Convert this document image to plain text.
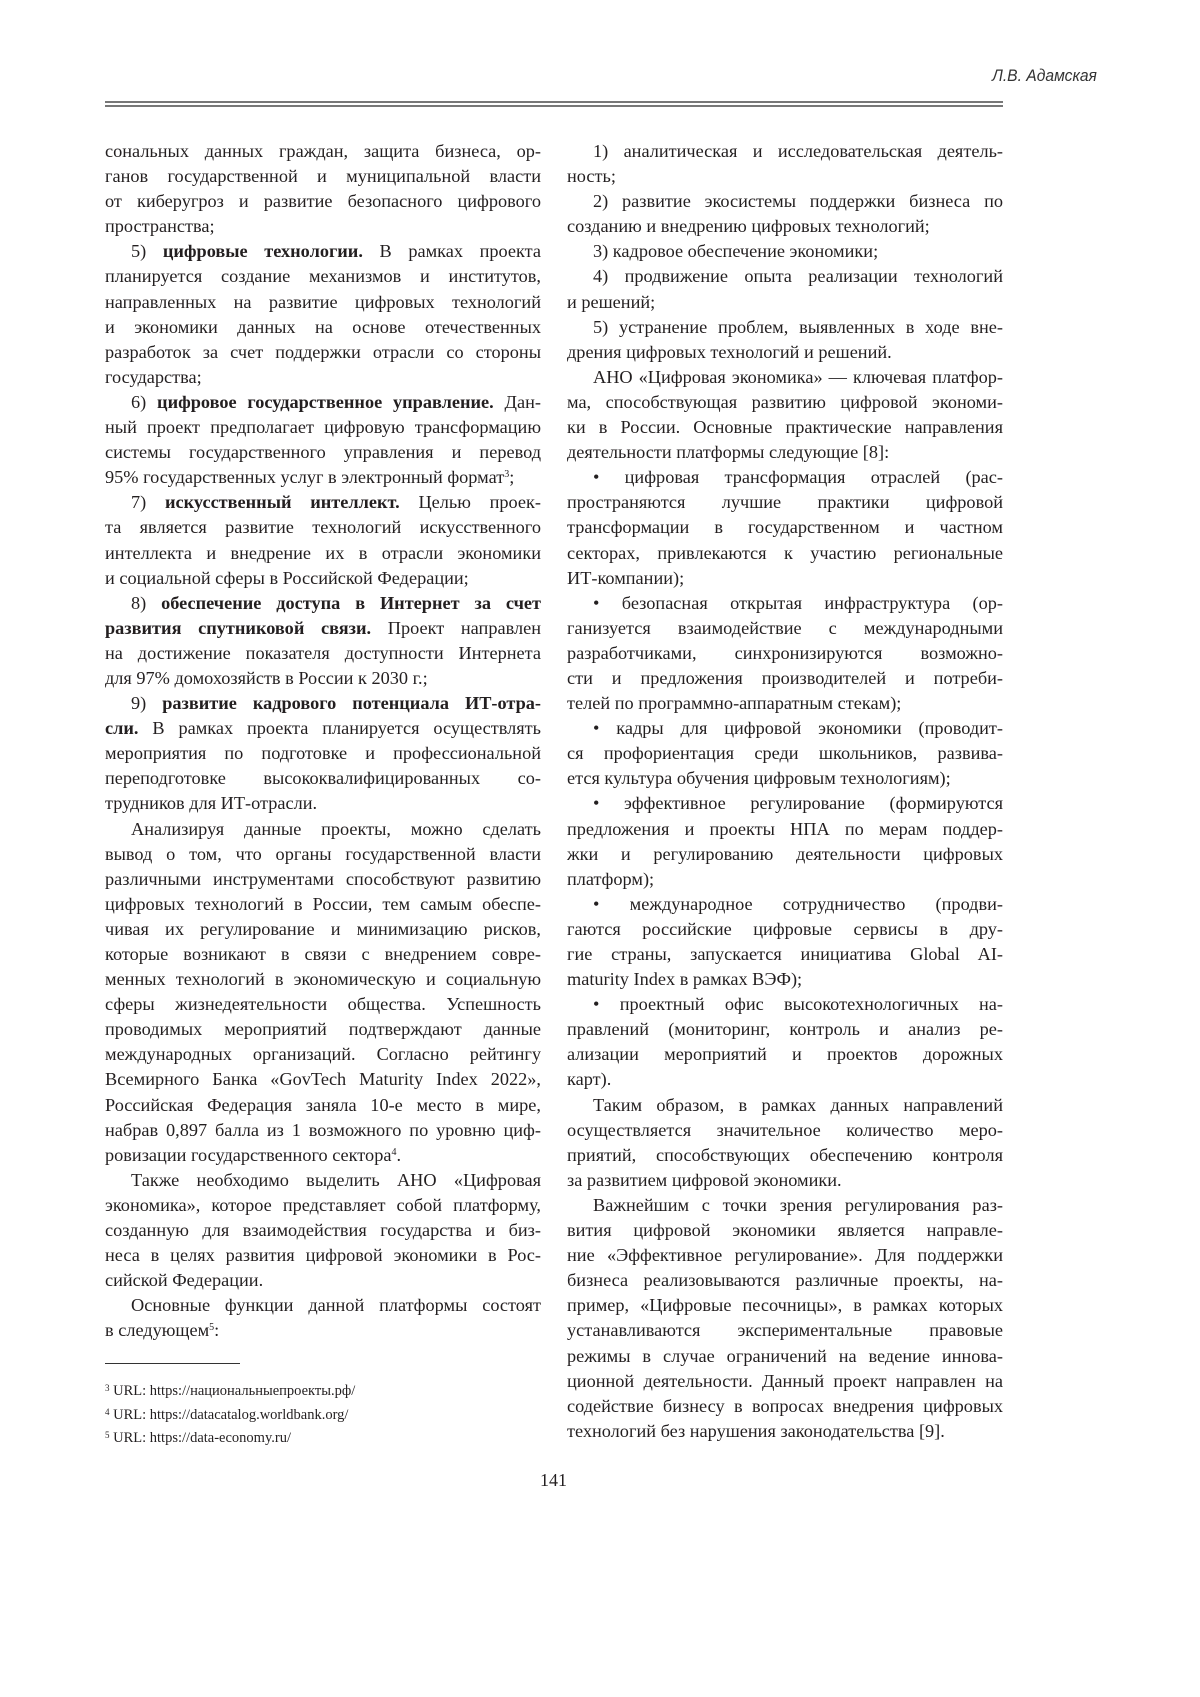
Л.В. Адамская
сональных данных граждан, защита бизнеса, ор-
ганов государственной и муниципальной власти
от киберугроз и развитие безопасного цифрового
пространства;
5) цифровые технологии. В рамках проекта
планируется создание механизмов и институтов,
направленных на развитие цифровых технологий
и экономики данных на основе отечественных
разработок за счет поддержки отрасли со стороны
государства;
6) цифровое государственное управление. Дан-
ный проект предполагает цифровую трансформацию
системы государственного управления и перевод
95% государственных услуг в электронный формат3;
7) искусственный интеллект. Целью проек-
та является развитие технологий искусственного
интеллекта и внедрение их в отрасли экономики
и социальной сферы в Российской Федерации;
8) обеспечение доступа в Интернет за счет
развития спутниковой связи. Проект направлен
на достижение показателя доступности Интернета
для 97% домохозяйств в России к 2030 г.;
9) развитие кадрового потенциала ИТ-отра-
сли. В рамках проекта планируется осуществлять
мероприятия по подготовке и профессиональной
переподготовке высококвалифицированных со-
трудников для ИТ-отрасли.
Анализируя данные проекты, можно сделать
вывод о том, что органы государственной власти
различными инструментами способствуют развитию
цифровых технологий в России, тем самым обеспе-
чивая их регулирование и минимизацию рисков,
которые возникают в связи с внедрением совре-
менных технологий в экономическую и социальную
сферы жизнедеятельности общества. Успешность
проводимых мероприятий подтверждают данные
международных организаций. Согласно рейтингу
Всемирного Банка «GovTech Maturity Index 2022»,
Российская Федерация заняла 10-е место в мире,
набрав 0,897 балла из 1 возможного по уровню циф-
ровизации государственного сектора4.
Также необходимо выделить АНО «Цифровая
экономика», которое представляет собой платформу,
созданную для взаимодействия государства и биз-
неса в целях развития цифровой экономики в Рос-
сийской Федерации.
Основные функции данной платформы состоят
в следующем5:
1) аналитическая и исследовательская деятель-
ность;
2) развитие экосистемы поддержки бизнеса по
созданию и внедрению цифровых технологий;
3) кадровое обеспечение экономики;
4) продвижение опыта реализации технологий
и решений;
5) устранение проблем, выявленных в ходе вне-
дрения цифровых технологий и решений.
АНО «Цифровая экономика» — ключевая платфор-
ма, способствующая развитию цифровой экономи-
ки в России. Основные практические направления
деятельности платформы следующие [8]:
• цифровая трансформация отраслей (рас-
пространяются лучшие практики цифровой
трансформации в государственном и частном
секторах, привлекаются к участию региональные
ИТ-компании);
• безопасная открытая инфраструктура (ор-
ганизуется взаимодействие с международными
разработчиками, синхронизируются возможно-
сти и предложения производителей и потреби-
телей по программно-аппаратным стекам);
• кадры для цифровой экономики (проводит-
ся профориентация среди школьников, развива-
ется культура обучения цифровым технологиям);
• эффективное регулирование (формируются
предложения и проекты НПА по мерам поддер-
жки и регулированию деятельности цифровых
платформ);
• международное сотрудничество (продви-
гаются российские цифровые сервисы в дру-
гие страны, запускается инициатива Global AI-
maturity Index в рамках ВЭФ);
• проектный офис высокотехнологичных на-
правлений (мониторинг, контроль и анализ ре-
ализации мероприятий и проектов дорожных
карт).
Таким образом, в рамках данных направлений
осуществляется значительное количество меро-
приятий, способствующих обеспечению контроля
за развитием цифровой экономики.
Важнейшим с точки зрения регулирования раз-
вития цифровой экономики является направле-
ние «Эффективное регулирование». Для поддержки
бизнеса реализовываются различные проекты, на-
пример, «Цифровые песочницы», в рамках которых
устанавливаются экспериментальные правовые
режимы в случае ограничений на ведение иннова-
ционной деятельности. Данный проект направлен на
содействие бизнесу в вопросах внедрения цифровых
технологий без нарушения законодательства [9].
3 URL: https://национальныепроекты.рф/
4 URL: https://datacatalog.worldbank.org/
5 URL: https://data-economy.ru/
141
